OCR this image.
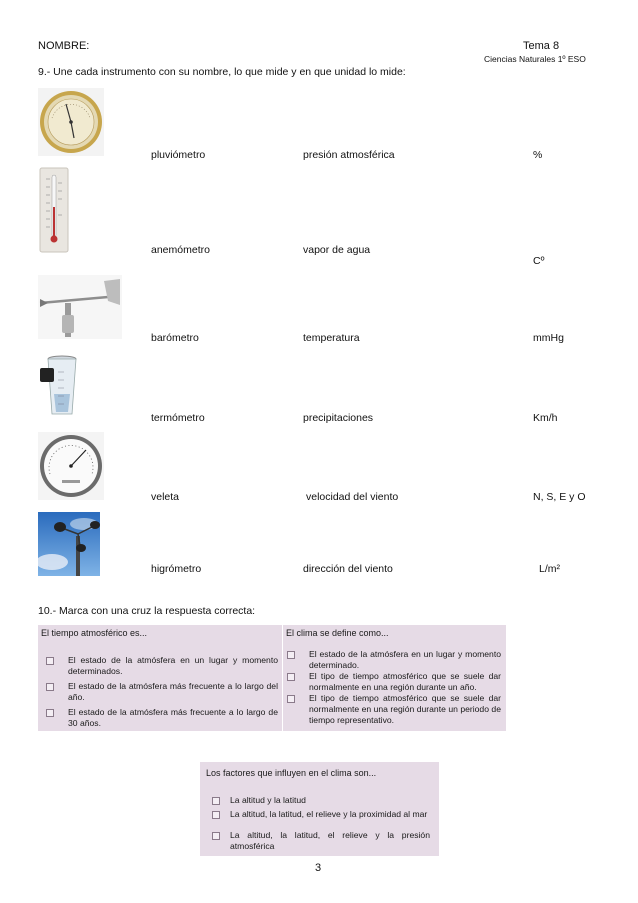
NOMBRE:	Tema 8
Ciencias Naturales 1º ESO
9.- Une cada instrumento con su nombre, lo que mide y en que unidad lo mide:
pluviómetro
anemómetro
barómetro
termómetro
veleta
higrómetro
presión atmosférica
vapor de agua
temperatura
precipitaciones
velocidad del viento
dirección del viento
%
Cº
mmHg
Km/h
N, S, E y O
L/m²
10.- Marca con una cruz la respuesta correcta:
El tiempo atmosférico es...
El estado de la atmósfera en un lugar y momento determinados.
El estado de la atmósfera más frecuente a lo largo del año.
El estado de la atmósfera más frecuente a lo largo de 30 años.
El clima se define como...
El estado de la atmósfera en un lugar y momento determinado.
El tipo de tiempo atmosférico que se suele dar normalmente en una región durante un año.
El tipo de tiempo atmosférico que se suele dar normalmente en una región durante un periodo de tiempo representativo.
Los factores que influyen en el clima son...
La altitud y la latitud
La altitud, la latitud, el relieve y la proximidad al mar
La altitud, la latitud, el relieve y la presión atmosférica
3
